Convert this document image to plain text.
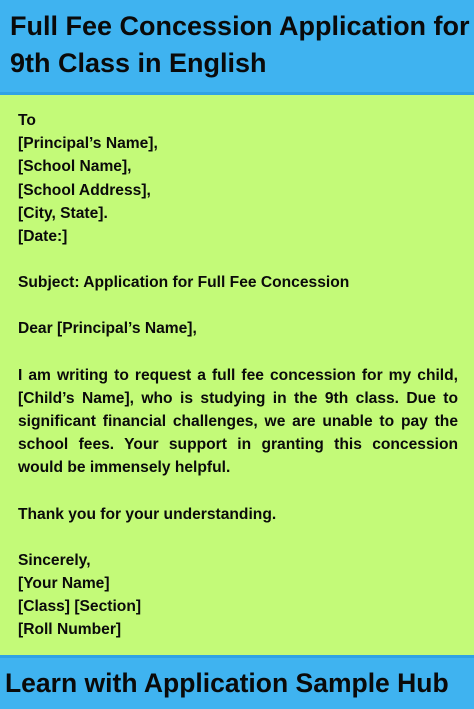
Full Fee Concession Application for
9th Class in English
To
[Principal’s Name],
[School Name],
[School Address],
[City, State].
[Date:]
Subject: Application for Full Fee Concession
Dear [Principal’s Name],

I am writing to request a full fee concession for my child, [Child’s Name], who is studying in the 9th class. Due to significant financial challenges, we are unable to pay the school fees. Your support in granting this concession would be immensely helpful.

Thank you for your understanding.
Sincerely,
[Your Name]
[Class] [Section]
[Roll Number]
Learn with Application Sample Hub
